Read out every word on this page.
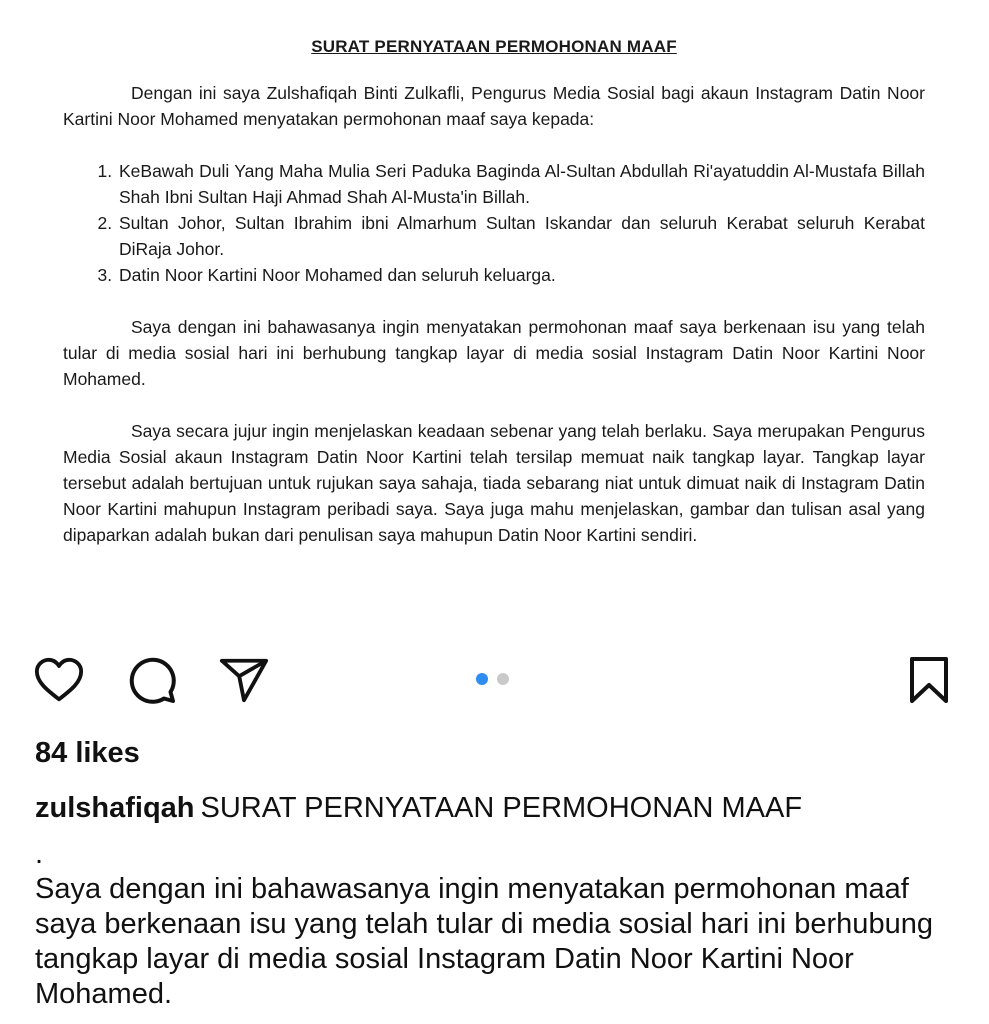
SURAT PERNYATAAN PERMOHONAN MAAF

Dengan ini saya Zulshafiqah Binti Zulkafli, Pengurus Media Sosial bagi akaun Instagram Datin Noor Kartini Noor Mohamed menyatakan permohonan maaf saya kepada:

1. KeBawah Duli Yang Maha Mulia Seri Paduka Baginda Al-Sultan Abdullah Ri'ayatuddin Al-Mustafa Billah Shah Ibni Sultan Haji Ahmad Shah Al-Musta'in Billah.
2. Sultan Johor, Sultan Ibrahim ibni Almarhum Sultan Iskandar dan seluruh Kerabat seluruh Kerabat DiRaja Johor.
3. Datin Noor Kartini Noor Mohamed dan seluruh keluarga.

Saya dengan ini bahawasanya ingin menyatakan permohonan maaf saya berkenaan isu yang telah tular di media sosial hari ini berhubung tangkap layar di media sosial Instagram Datin Noor Kartini Noor Mohamed.

Saya secara jujur ingin menjelaskan keadaan sebenar yang telah berlaku. Saya merupakan Pengurus Media Sosial akaun Instagram Datin Noor Kartini telah tersilap memuat naik tangkap layar. Tangkap layar tersebut adalah bertujuan untuk rujukan saya sahaja, tiada sebarang niat untuk dimuat naik di Instagram Datin Noor Kartini mahupun Instagram peribadi saya. Saya juga mahu menjelaskan, gambar dan tulisan asal yang dipaparkan adalah bukan dari penulisan saya mahupun Datin Noor Kartini sendiri.

84 likes
zulshafiqah SURAT PERNYATAAN PERMOHONAN MAAF
.
Saya dengan ini bahawasanya ingin menyatakan permohonan maaf saya berkenaan isu yang telah tular di media sosial hari ini berhubung tangkap layar di media sosial Instagram Datin Noor Kartini Noor Mohamed.
